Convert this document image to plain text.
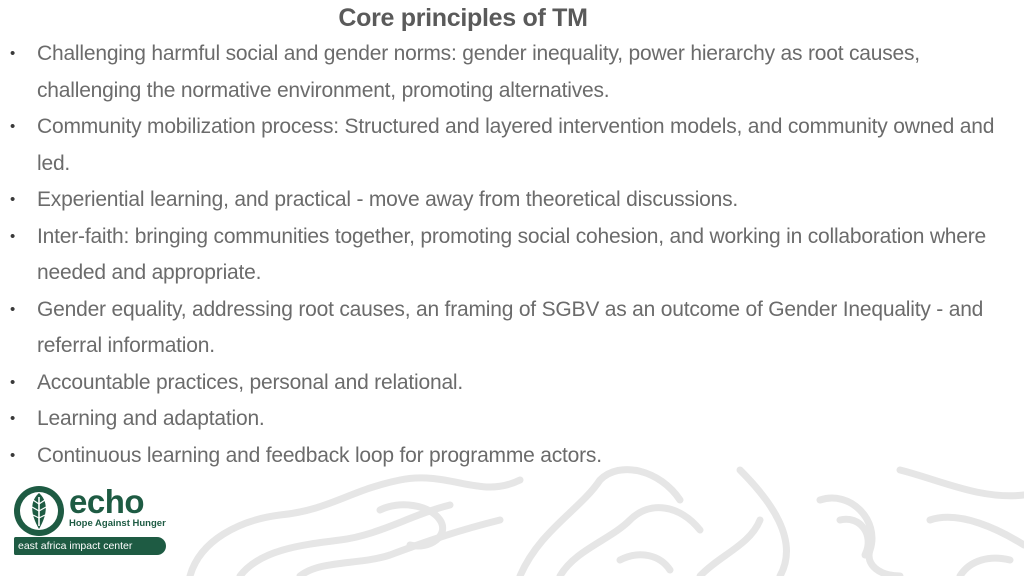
Core principles of TM
• Challenging harmful social and gender norms: gender inequality, power hierarchy as root causes, challenging the normative environment, promoting alternatives.
• Community mobilization process: Structured and layered intervention models, and community owned and led.
• Experiential learning, and practical - move away from theoretical discussions.
• Inter-faith: bringing communities together, promoting social cohesion, and working in collaboration where needed and appropriate.
• Gender equality, addressing root causes, an framing of SGBV as an outcome of Gender Inequality - and referral information.
• Accountable practices, personal and relational.
• Learning and adaptation.
• Continuous learning and feedback loop for programme actors.
echo
Hope Against Hunger
east africa impact center
